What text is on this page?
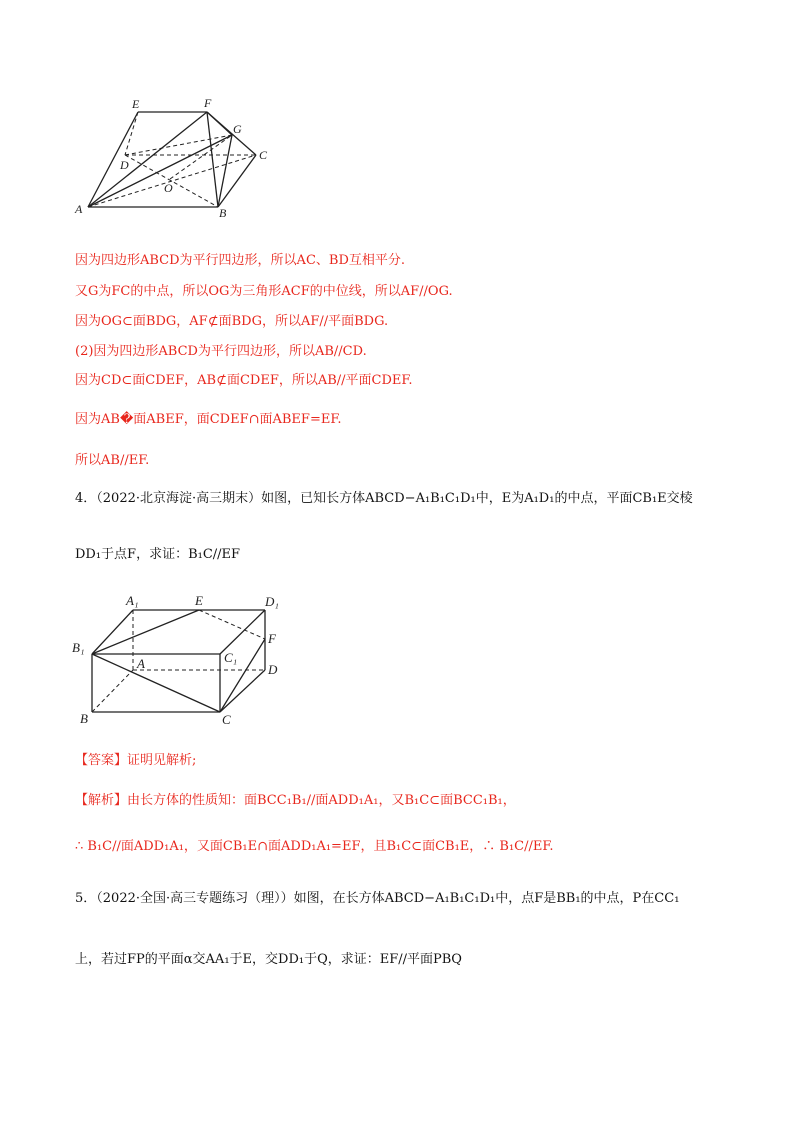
E	F
G
C
D
O
A	B
因为四边形ABCD为平行四边形，所以AC、BD互相平分.
又G为FC的中点，所以OG为三角形ACF的中位线，所以AF//OG.
因为OG⊂面BDG，AF⊄面BDG，所以AF//平面BDG.
(2)因为四边形ABCD为平行四边形，所以AB//CD.
因为CD⊂面CDEF，AB⊄面CDEF，所以AB//平面CDEF.
因为AB�面ABEF，面CDEF∩面ABEF=EF.
所以AB//EF.
4．（2022·北京海淀·高三期末）如图，已知长方体ABCD−A₁B₁C₁D₁中，E为A₁D₁的中点，平面CB₁E交棱
DD₁于点F，求证：B₁C//EF
A₁	E	D₁
F
B₁
A	C₁
D
B	C
【答案】证明见解析;
【解析】由长方体的性质知：面BCC₁B₁//面ADD₁A₁，又B₁C⊂面BCC₁B₁，
∴ B₁C//面ADD₁A₁，又面CB₁E∩面ADD₁A₁=EF，且B₁C⊂面CB₁E，∴ B₁C//EF.
5．（2022·全国·高三专题练习（理））如图，在长方体ABCD−A₁B₁C₁D₁中，点F是BB₁的中点，P在CC₁
上，若过FP的平面α交AA₁于E，交DD₁于Q，求证：EF//平面PBQ
